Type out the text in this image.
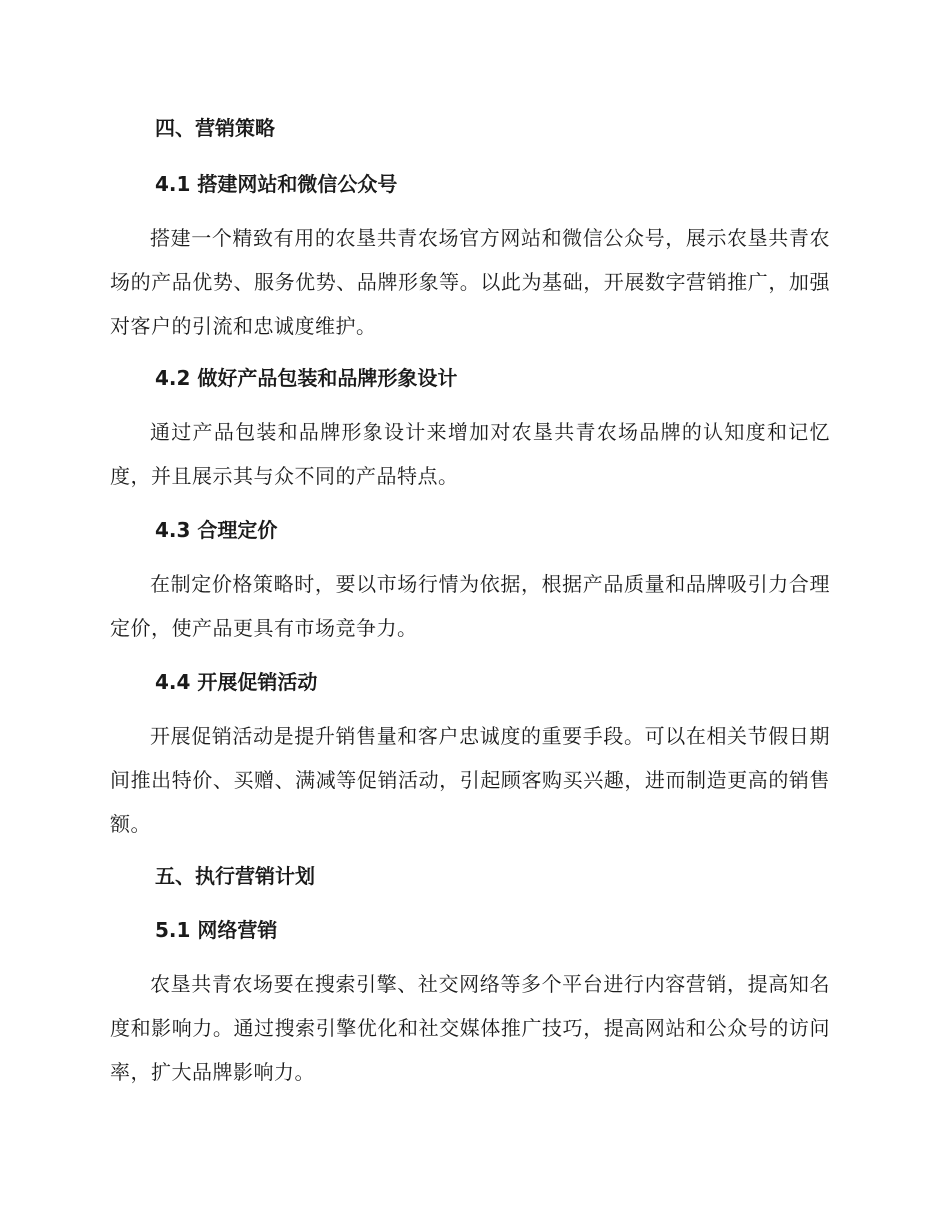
四、营销策略
4.1 搭建网站和微信公众号

搭建一个精致有用的农垦共青农场官方网站和微信公众号，展示农垦共青农场的产品优势、服务优势、品牌形象等。以此为基础，开展数字营销推广，加强对客户的引流和忠诚度维护。

4.2 做好产品包装和品牌形象设计

通过产品包装和品牌形象设计来增加对农垦共青农场品牌的认知度和记忆度，并且展示其与众不同的产品特点。

4.3 合理定价

在制定价格策略时，要以市场行情为依据，根据产品质量和品牌吸引力合理定价，使产品更具有市场竞争力。

4.4 开展促销活动

开展促销活动是提升销售量和客户忠诚度的重要手段。可以在相关节假日期间推出特价、买赠、满减等促销活动，引起顾客购买兴趣，进而制造更高的销售额。

五、执行营销计划
5.1 网络营销

农垦共青农场要在搜索引擎、社交网络等多个平台进行内容营销，提高知名度和影响力。通过搜索引擎优化和社交媒体推广技巧，提高网站和公众号的访问率，扩大品牌影响力。
